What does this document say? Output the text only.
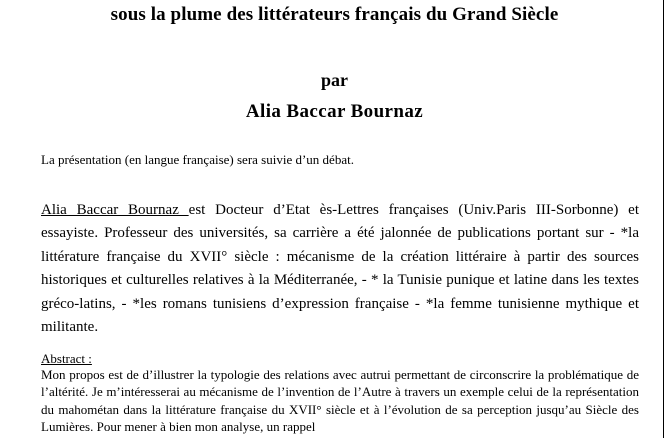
sous la plume des littérateurs français du Grand Siècle
par
Alia Baccar Bournaz
La présentation (en langue française) sera suivie d’un débat.
Alia Baccar Bournaz est Docteur d’Etat ès-Lettres françaises (Univ.Paris III-Sorbonne) et essayiste. Professeur des universités, sa carrière a été jalonnée de publications portant sur - *la littérature française du XVII° siècle : mécanisme de la création littéraire à partir des sources historiques et culturelles relatives à la Méditerranée, - * la Tunisie punique et latine dans les textes gréco-latins, - *les romans tunisiens d’expression française - *la femme tunisienne mythique et militante.
Abstract :
Mon propos est de d’illustrer la typologie des relations avec autrui permettant de circonscrire la problématique de l’altérité. Je m’intéresserai au mécanisme de l’invention de l’Autre à travers un exemple celui de la représentation du mahométan dans la littérature française du XVII° siècle et à l’évolution de sa perception jusqu’au Siècle des Lumières. Pour mener à bien mon analyse, un rappel
